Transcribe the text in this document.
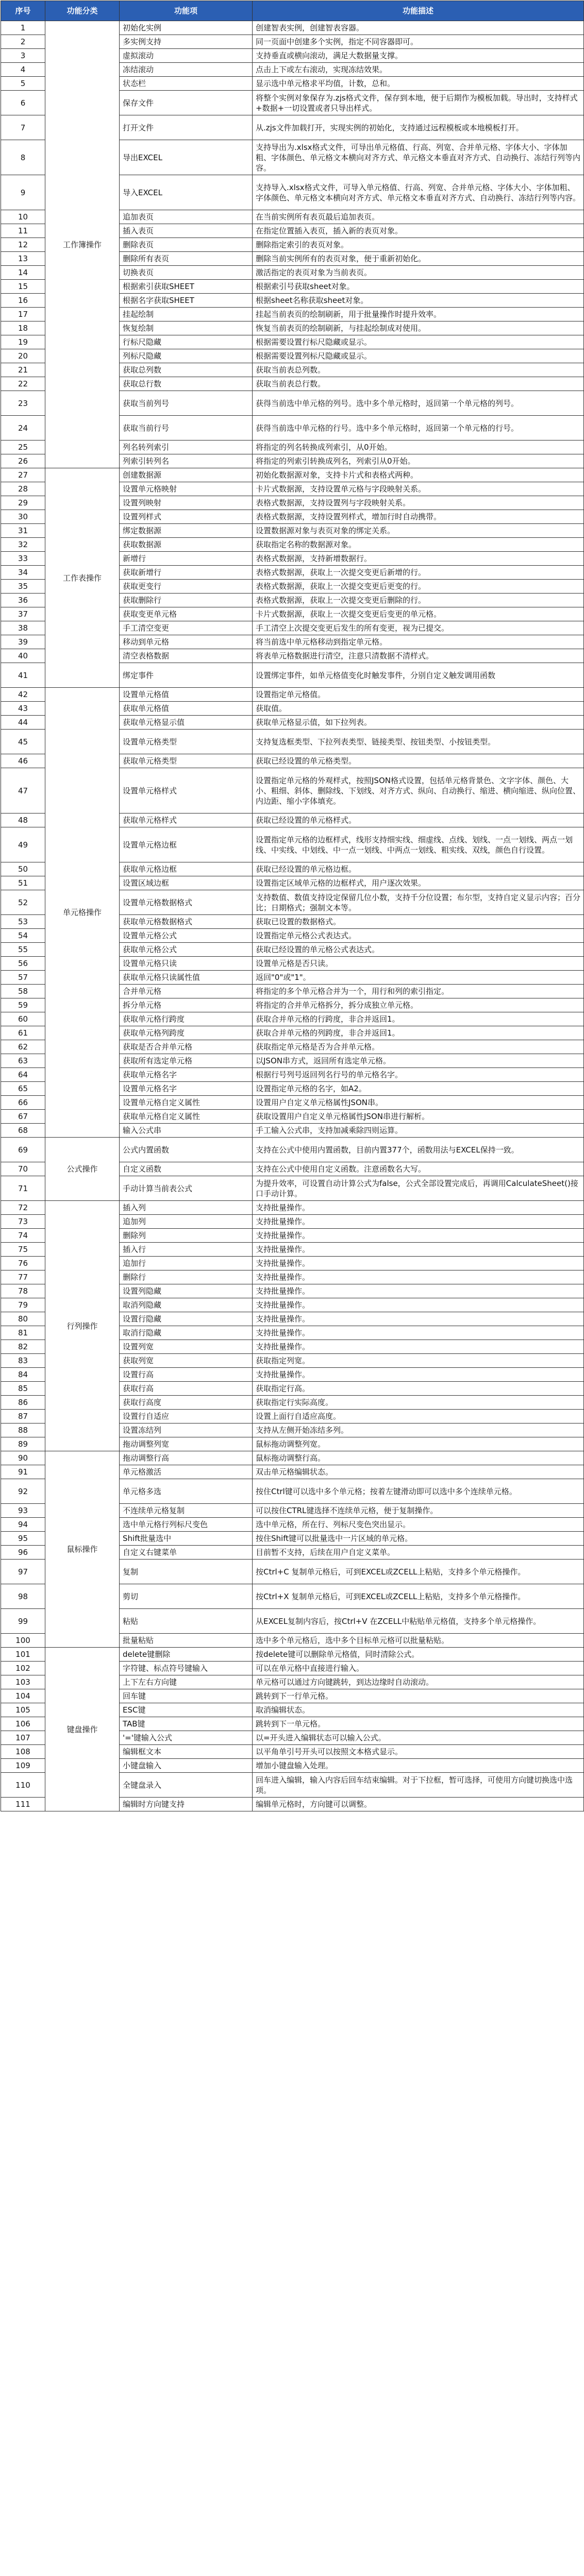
序号	功能分类	功能项	功能描述
1	工作簿操作	初始化实例	创建智表实例，创建智表容器。
2		多实例支持	同一页面中创建多个实例，指定不同容器即可。
3		虚拟滚动	支持垂直或横向滚动，满足大数据量支撑。
4		冻结滚动	点击上下或左右滚动，实现冻结效果。
5		状态栏	显示选中单元格求平均值，计数，总和。
6		保存文件	将整个实例对象保存为.zjs格式文件，保存到本地，便于后期作为模板加载。导出时，支持样式+数据+一切设置或者只导出样式。
7		打开文件	从.zjs文件加载打开，实现实例的初始化，支持通过远程模板或本地模板打开。
8		导出EXCEL	支持导出为.xlsx格式文件，可导出单元格值、行高、列宽、合并单元格、字体大小、字体加粗、字体颜色、单元格文本横向对齐方式、单元格文本垂直对齐方式、自动换行、冻结行列等内容。
9		导入EXCEL	支持导入.xlsx格式文件，可导入单元格值、行高、列宽、合并单元格、字体大小、字体加粗、字体颜色、单元格文本横向对齐方式、单元格文本垂直对齐方式、自动换行、冻结行列等内容。
10		追加表页	在当前实例所有表页最后追加表页。
11		插入表页	在指定位置插入表页，插入新的表页对象。
12		删除表页	删除指定索引的表页对象。
13		删除所有表页	删除当前实例所有的表页对象，便于重新初始化。
14		切换表页	激活指定的表页对象为当前表页。
15		根据索引获取SHEET	根据索引号获取sheet对象。
16		根据名字获取SHEET	根据sheet名称获取sheet对象。
17		挂起绘制	挂起当前表页的绘制刷新，用于批量操作时提升效率。
18		恢复绘制	恢复当前表页的绘制刷新，与挂起绘制成对使用。
19		行标尺隐藏	根据需要设置行标尺隐藏或显示。
20		列标尺隐藏	根据需要设置列标尺隐藏或显示。
21		获取总列数	获取当前表总列数。
22		获取总行数	获取当前表总行数。
23		获取当前列号	获得当前选中单元格的列号。选中多个单元格时，返回第一个单元格的列号。
24		获取当前行号	获得当前选中单元格的行号。选中多个单元格时，返回第一个单元格的行号。
25		列名转列索引	将指定的列名转换成列索引，从0开始。
26		列索引转列名	将指定的列索引转换成列名，列索引从0开始。
27	工作表操作	创建数据源	初始化数据源对象，支持卡片式和表格式两种。
28		设置单元格映射	卡片式数据源，支持设置单元格与字段映射关系。
29		设置列映射	表格式数据源，支持设置列与字段映射关系。
30		设置列样式	表格式数据源，支持设置列样式，增加行时自动携带。
31		绑定数据源	设置数据源对象与表页对象的绑定关系。
32		获取数据源	获取指定名称的数据源对象。
33		新增行	表格式数据源，支持新增数据行。
34		获取新增行	表格式数据源，获取上一次提交变更后新增的行。
35		获取更变行	表格式数据源，获取上一次提交变更后更变的行。
36		获取删除行	表格式数据源，获取上一次提交变更后删除的行。
37		获取变更单元格	卡片式数据源，获取上一次提交变更后变更的单元格。
38		手工清空变更	手工清空上次提交变更后发生的所有变更，视为已提交。
39		移动到单元格	将当前选中单元格移动到指定单元格。
40		清空表格数据	将表单元格数据进行清空，注意只清数据不清样式。
41		绑定事件	设置绑定事件，如单元格值变化时触发事件，分别自定义触发调用函数
42	单元格操作	设置单元格值	设置指定单元格值。
43		获取单元格值	获取值。
44		获取单元格显示值	获取单元格显示值，如下拉列表。
45		设置单元格类型	支持复选框类型、下拉列表类型、链接类型、按钮类型、小按钮类型。
46		获取单元格类型	获取已经设置的单元格类型。
47		设置单元格样式	设置指定单元格的外观样式，按照JSON格式设置，包括单元格背景色、文字字体、颜色、大小、粗细、斜体、删除线、下划线、对齐方式、纵向、自动换行、缩进、横向缩进、纵向位置、内边距、缩小字体填充。
48		获取单元格样式	获取已经设置的单元格样式。
49		设置单元格边框	设置指定单元格的边框样式，线形支持细实线、细虚线、点线、划线、一点一划线、两点一划线、中实线、中划线、中一点一划线、中两点一划线、粗实线、双线，颜色自行设置。
50		获取单元格边框	获取已经设置的单元格边框。
51		设置区域边框	设置指定区域单元格的边框样式，用户逐次效果。
52		设置单元格数据格式	支持数值、数值支持设定保留几位小数，支持千分位设置；布尔型，支持自定义显示内容；百分比；日期格式；强制文本等。
53		获取单元格数据格式	获取已设置的数据格式。
54		设置单元格公式	设置指定单元格公式表达式。
55		获取单元格公式	获取已经设置的单元格公式表达式。
56		设置单元格只读	设置单元格是否只读。
57		获取单元格只读属性值	返回"0"或"1"。
58		合并单元格	将指定的多个单元格合并为一个，用行和列的索引指定。
59		拆分单元格	将指定的合并单元格拆分，拆分成独立单元格。
60		获取单元格行跨度	获取合并单元格的行跨度，非合并返回1。
61		获取单元格列跨度	获取合并单元格的列跨度，非合并返回1。
62		获取是否合并单元格	获取指定单元格是否为合并单元格。
63		获取所有选定单元格	以JSON串方式，返回所有选定单元格。
64		获取单元格名字	根据行号列号返回列名行号的单元格名字。
65		设置单元格名字	设置指定单元格的名字，如A2。
66		设置单元格自定义属性	设置用户自定义单元格属性JSON串。
67		获取单元格自定义属性	获取设置用户自定义单元格属性JSON串进行解析。
68		输入公式串	手工输入公式串，支持加减乘除四则运算。
69	公式操作	公式内置函数	支持在公式中使用内置函数，目前内置377个，函数用法与EXCEL保持一致。
70		自定义函数	支持在公式中使用自定义函数。注意函数名大写。
71		手动计算当前表公式	为提升效率，可设置自动计算公式为false，公式全部设置完成后，再调用CalculateSheet()接口手动计算。
72	行列操作	插入列	支持批量操作。
73		追加列	支持批量操作。
74		删除列	支持批量操作。
75		插入行	支持批量操作。
76		追加行	支持批量操作。
77		删除行	支持批量操作。
78		设置列隐藏	支持批量操作。
79		取消列隐藏	支持批量操作。
80		设置行隐藏	支持批量操作。
81		取消行隐藏	支持批量操作。
82		设置列宽	支持批量操作。
83		获取列宽	获取指定列宽。
84		设置行高	支持批量操作。
85		获取行高	获取指定行高。
86		获取行高度	获取指定行实际高度。
87		设置行自适应	设置上面行自适应高度。
88		设置冻结列	支持从左侧开始冻结多列。
89		拖动调整列宽	鼠标拖动调整列宽。
90	鼠标操作	拖动调整行高	鼠标拖动调整行高。
91		单元格激活	双击单元格编辑状态。
92		单元格多选	按住Ctrl键可以选中多个单元格；按着左键滑动即可以选中多个连续单元格。
93		不连续单元格复制	可以按住CTRL键选择不连续单元格，便于复制操作。
94		选中单元格行列标尺变色	选中单元格，所在行、列标尺变色突出显示。
95		Shift批量选中	按住Shift键可以批量选中一片区域的单元格。
96		自定义右键菜单	目前暂不支持，后续在用户自定义菜单。
97		复制	按Ctrl+C 复制单元格后，可到EXCEL或ZCELL上粘贴，支持多个单元格操作。
98		剪切	按Ctrl+X 复制单元格后，可到EXCEL或ZCELL上粘贴，支持多个单元格操作。
99		粘贴	从EXCEL复制内容后，按Ctrl+V 在ZCELL中粘贴单元格值，支持多个单元格操作。
100		批量粘贴	选中多个单元格后，选中多个目标单元格可以批量粘贴。
101	键盘操作	delete键删除	按delete键可以删除单元格值，同时清除公式。
102		字符键、标点符号键输入	可以在单元格中直接进行输入。
103		上下左右方向键	单元格可以通过方向键跳转，到达边缘时自动滚动。
104		回车键	跳转到下一行单元格。
105		ESC键	取消编辑状态。
106		TAB键	跳转到下一单元格。
107		'='键输入公式	以=开头进入编辑状态可以输入公式。
108		编辑框文本	以平角单引号开头可以按照文本格式显示。
109		小键盘输入	增加小键盘输入处理。
110		全键盘录入	回车进入编辑，输入内容后回车结束编辑。对于下拉框，暂可选择，可使用方向键切换选中选项。
111		编辑时方向键支持	编辑单元格时，方向键可以调整。
